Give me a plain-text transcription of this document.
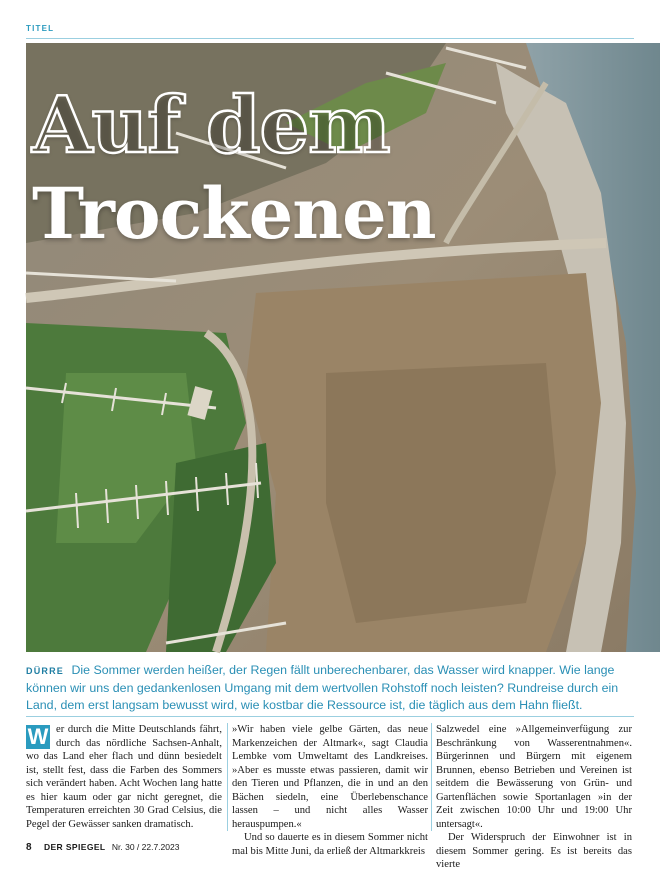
TITEL
Auf dem
Trockenen

DÜRRE Die Sommer werden heißer, der Regen fällt unberechenbarer, das Wasser wird knapper. Wie lange können wir uns den gedankenlosen Umgang mit dem wertvollen Rohstoff noch leisten? Rundreise durch ein Land, dem erst langsam bewusst wird, wie kostbar die Ressource ist, die täglich aus dem Hahn fließt.

W er durch die Mitte Deutschlands fährt, durch das nördliche Sachsen-Anhalt, wo das Land eher flach und dünn besiedelt ist, stellt fest, dass die Farben des Sommers sich verändert haben. Acht Wochen lang hatte es hier kaum oder gar nicht geregnet, die Temperaturen erreichten 30 Grad Celsius, die Pegel der Gewässer sanken dramatisch.

»Wir haben viele gelbe Gärten, das neue Markenzeichen der Altmark«, sagt Claudia Lembke vom Umweltamt des Landkreises. »Aber es musste etwas passieren, damit wir den Tieren und Pflanzen, die in und an den Bächen siedeln, eine Überlebenschance lassen – und nicht alles Wasser herauspumpen.«

Und so dauerte es in diesem Sommer nicht mal bis Mitte Juni, da erließ der Altmarkkreis

Salzwedel eine »Allgemeinverfügung zur Beschränkung von Wasserentnahmen«. Bürgerinnen und Bürgern mit eigenem Brunnen, ebenso Betrieben und Vereinen ist seitdem die Bewässerung von Grün- und Gartenflächen sowie Sportanlagen »in der Zeit zwischen 10:00 Uhr und 19:00 Uhr untersagt«.

Der Widerspruch der Einwohner ist in diesem Sommer gering. Es ist bereits das vierte

8 DER SPIEGEL Nr. 30 / 22.7.2023
